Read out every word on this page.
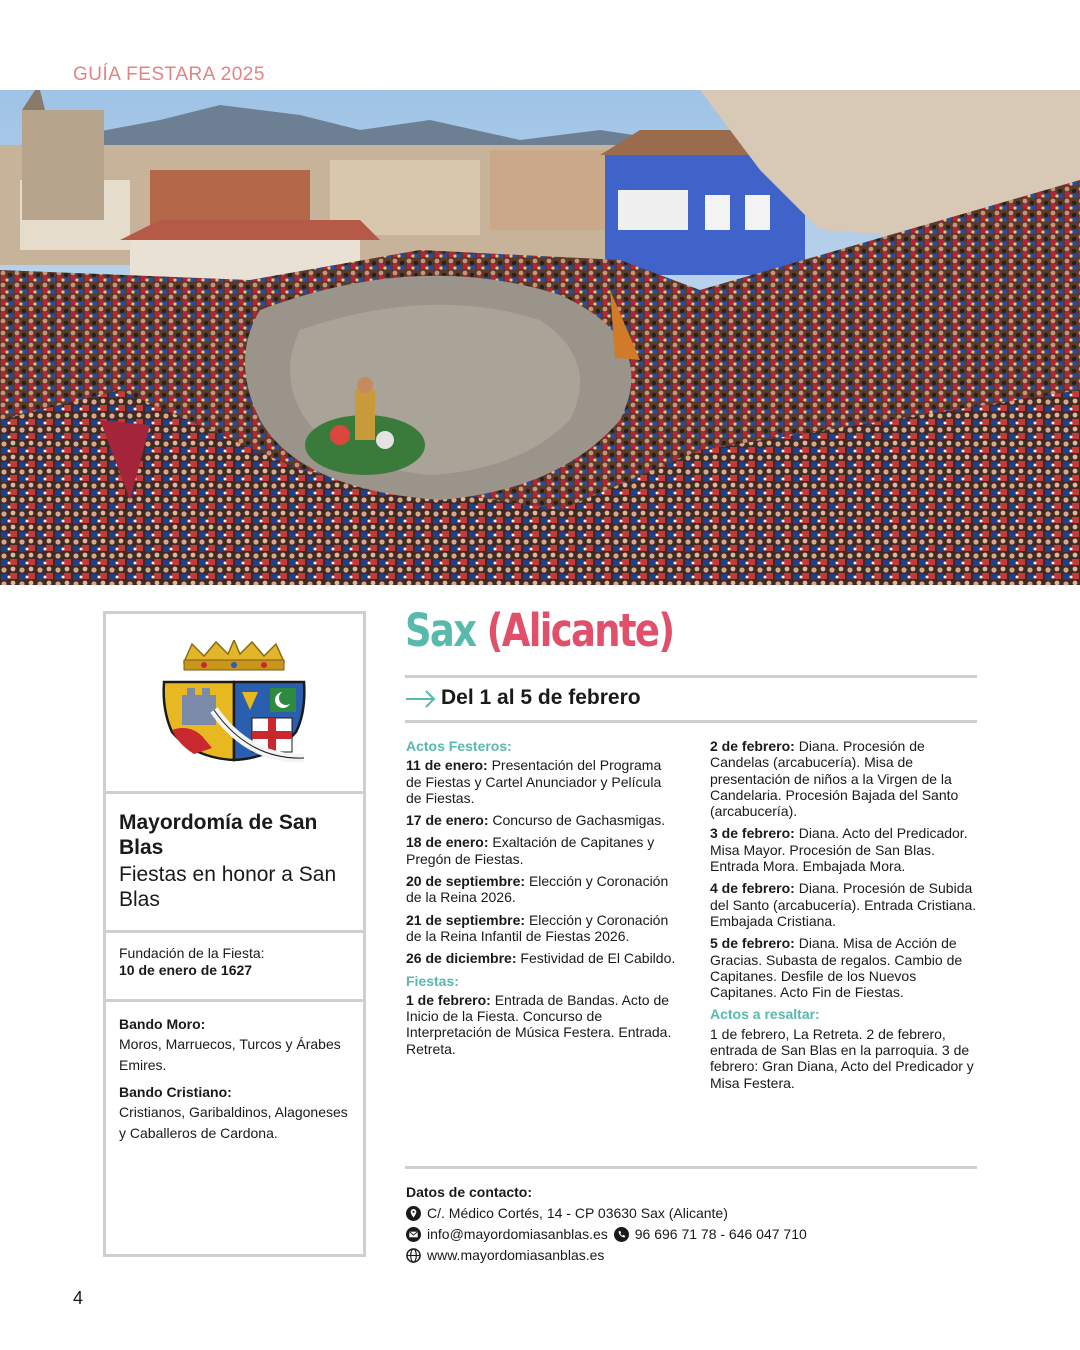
GUÍA FESTARA 2025
Mayordomía de San Blas
Fiestas en honor a San Blas
Fundación de la Fiesta:
10 de enero de 1627
Bando Moro:
Moros, Marruecos, Turcos y Árabes Emires.
Bando Cristiano:
Cristianos, Garibaldinos, Alagoneses y Caballeros de Cardona.
Sax (Alicante)
Del 1 al 5 de febrero
Actos Festeros:
11 de enero: Presentación del Programa de Fiestas y Cartel Anunciador y Película de Fiestas.
17 de enero: Concurso de Gachasmigas.
18 de enero: Exaltación de Capitanes y Pregón de Fiestas.
20 de septiembre: Elección y Coronación de la Reina 2026.
21 de septiembre: Elección y Coronación de la Reina Infantil de Fiestas 2026.
26 de diciembre: Festividad de El Cabildo.
Fiestas:
1 de febrero: Entrada de Bandas. Acto de Inicio de la Fiesta. Concurso de Interpretación de Música Festera. Entrada. Retreta.
2 de febrero: Diana. Procesión de Candelas (arcabucería). Misa de presentación de niños a la Virgen de la Candelaria. Procesión Bajada del Santo (arcabucería).
3 de febrero: Diana. Acto del Predicador. Misa Mayor. Procesión de San Blas. Entrada Mora. Embajada Mora.
4 de febrero: Diana. Procesión de Subida del Santo (arcabucería). Entrada Cristiana. Embajada Cristiana.
5 de febrero: Diana. Misa de Acción de Gracias. Subasta de regalos. Cambio de Capitanes. Desfile de los Nuevos Capitanes. Acto Fin de Fiestas.
Actos a resaltar:
1 de febrero, La Retreta. 2 de febrero, entrada de San Blas en la parroquia. 3 de febrero: Gran Diana, Acto del Predicador y Misa Festera.
Datos de contacto:
C/. Médico Cortés, 14 - CP 03630 Sax (Alicante)
info@mayordomiasanblas.es 96 696 71 78 - 646 047 710
www.mayordomiasanblas.es
4
